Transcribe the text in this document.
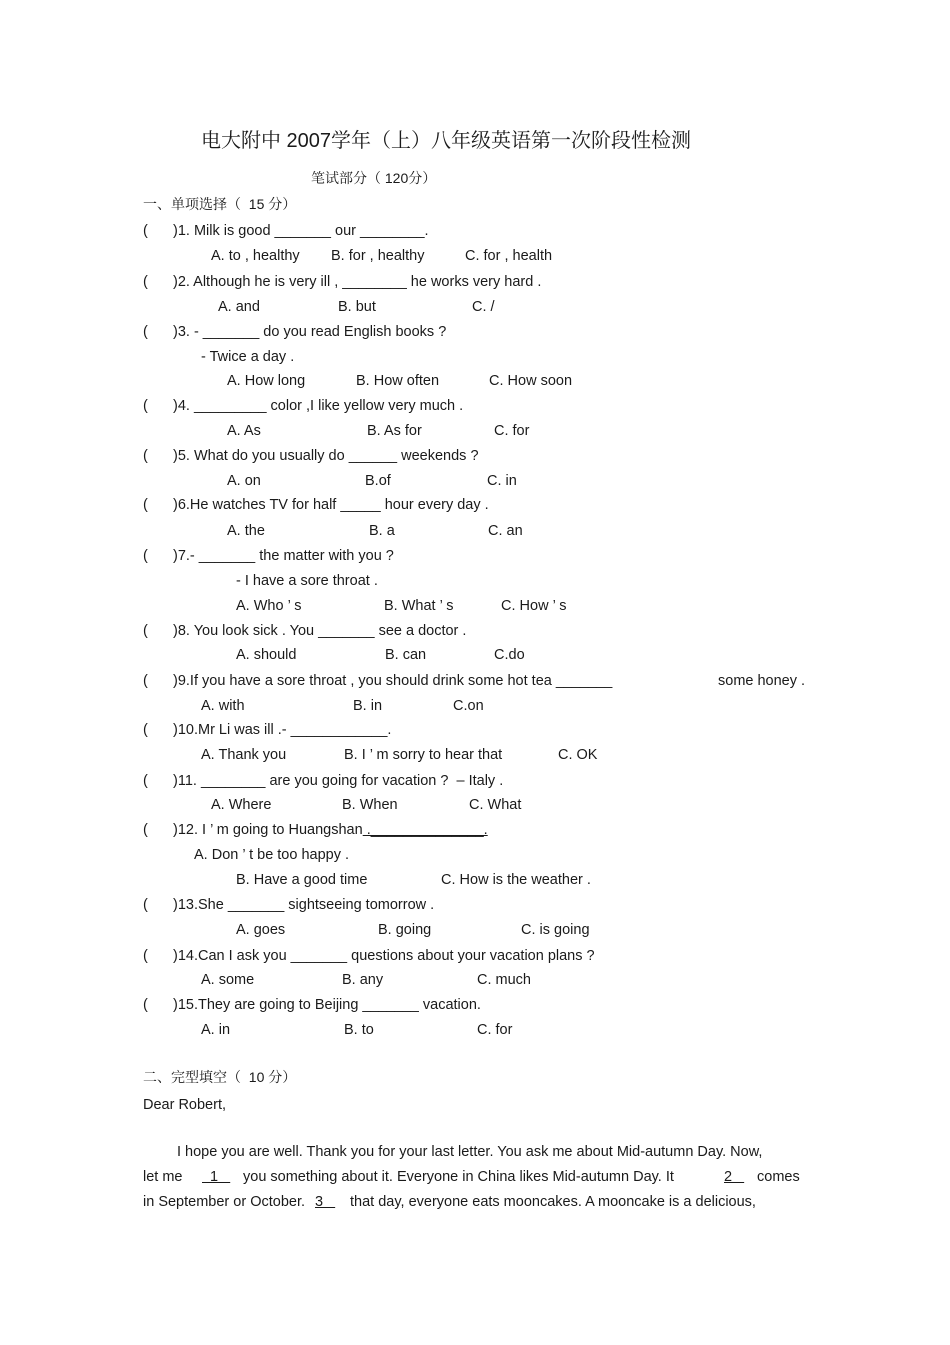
电大附中 2007学年（上）八年级英语第一次阶段性检测
笔试部分（ 120分）
一、单项选择（  15 分）
( )1. Milk is good _______ our ________.
A. to , healthy B. for , healthy	C. for , health
( )2. Although he is very ill , ________ he works very hard .
A. and	B. but	C. /
( )3. - _______ do you read English books ?
- Twice a day .
A. How long	B. How often	C. How soon
( )4. _________ color ,I like yellow very much .
A. As	B. As for	C. for
( )5. What do you usually do ______ weekends ?
A. on	B.of	C. in
( )6.He watches TV for half _____ hour every day .
A. the	B. a	C. an
( )7.- _______ the matter with you ?
- I have a sore throat .
A. Who ’ s	B. What ’ s	C. How ’ s
( )8. You look sick . You _______ see a doctor .
A. should	B. can	C.do
( )9.If you have a sore throat , you should drink some hot tea _______	some honey .
A. with	B. in	C.on
( )10.Mr Li was ill .- ____________.
A. Thank you	B. I ’ m sorry to hear that	C. OK
( )11. ________ are you going for vacation ?  – Italy .
A. Where	B. When	C. What
( )12. I ’ m going to Huangshan .______________.
A. Don ’ t be too happy .
B. Have a good time	C. How is the weather .
( )13.She _______ sightseeing tomorrow .
A. goes	B. going	C. is going
( )14.Can I ask you _______ questions about your vacation plans ?
A. some	B. any	C. much
( )15.They are going to Beijing _______ vacation.
A. in	B. to	C. for
二、完型填空（  10 分）
Dear Robert,
I hope you are well. Thank you for your last letter. You ask me about Mid-autumn Day. Now,
let me 1 you something about it. Everyone in China likes Mid-autumn Day. It	2 comes
in September or October. 3 that day, everyone eats mooncakes. A mooncake is a delicious,
